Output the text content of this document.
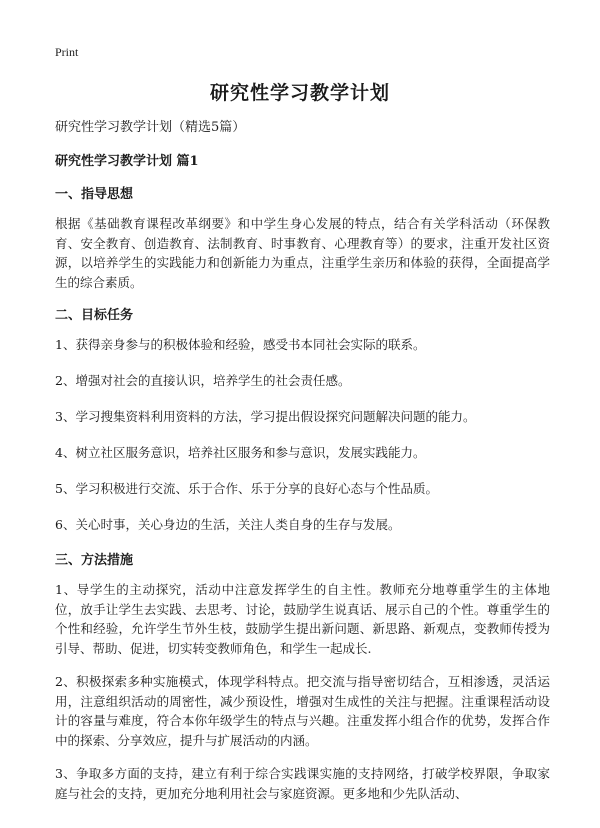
Print
研究性学习教学计划

研究性学习教学计划（精选5篇）

研究性学习教学计划 篇1

一、指导思想

根据《基础教育课程改革纲要》和中学生身心发展的特点，结合有关学科活动（环保教育、安全教育、创造教育、法制教育、时事教育、心理教育等）的要求，注重开发社区资源，以培养学生的实践能力和创新能力为重点，注重学生亲历和体验的获得，全面提高学生的综合素质。

二、目标任务

1、获得亲身参与的积极体验和经验，感受书本同社会实际的联系。

2、增强对社会的直接认识，培养学生的社会责任感。

3、学习搜集资料利用资料的方法，学习提出假设探究问题解决问题的能力。

4、树立社区服务意识，培养社区服务和参与意识，发展实践能力。

5、学习积极进行交流、乐于合作、乐于分享的良好心态与个性品质。

6、关心时事，关心身边的生活，关注人类自身的生存与发展。

三、方法措施

1、导学生的主动探究，活动中注意发挥学生的自主性。教师充分地尊重学生的主体地位，放手让学生去实践、去思考、讨论，鼓励学生说真话、展示自己的个性。尊重学生的个性和经验，允许学生节外生枝，鼓励学生提出新问题、新思路、新观点，变教师传授为引导、帮助、促进，切实转变教师角色，和学生一起成长.

2、积极探索多种实施模式，体现学科特点。把交流与指导密切结合，互相渗透，灵活运用，注意组织活动的周密性，减少预设性，增强对生成性的关注与把握。注重课程活动设计的容量与难度，符合本你年级学生的特点与兴趣。注重发挥小组合作的优势，发挥合作中的探索、分享效应，提升与扩展活动的内涵。

3、争取多方面的支持，建立有利于综合实践课实施的支持网络，打破学校界限，争取家庭与社会的支持，更加充分地利用社会与家庭资源。更多地和少先队活动、
